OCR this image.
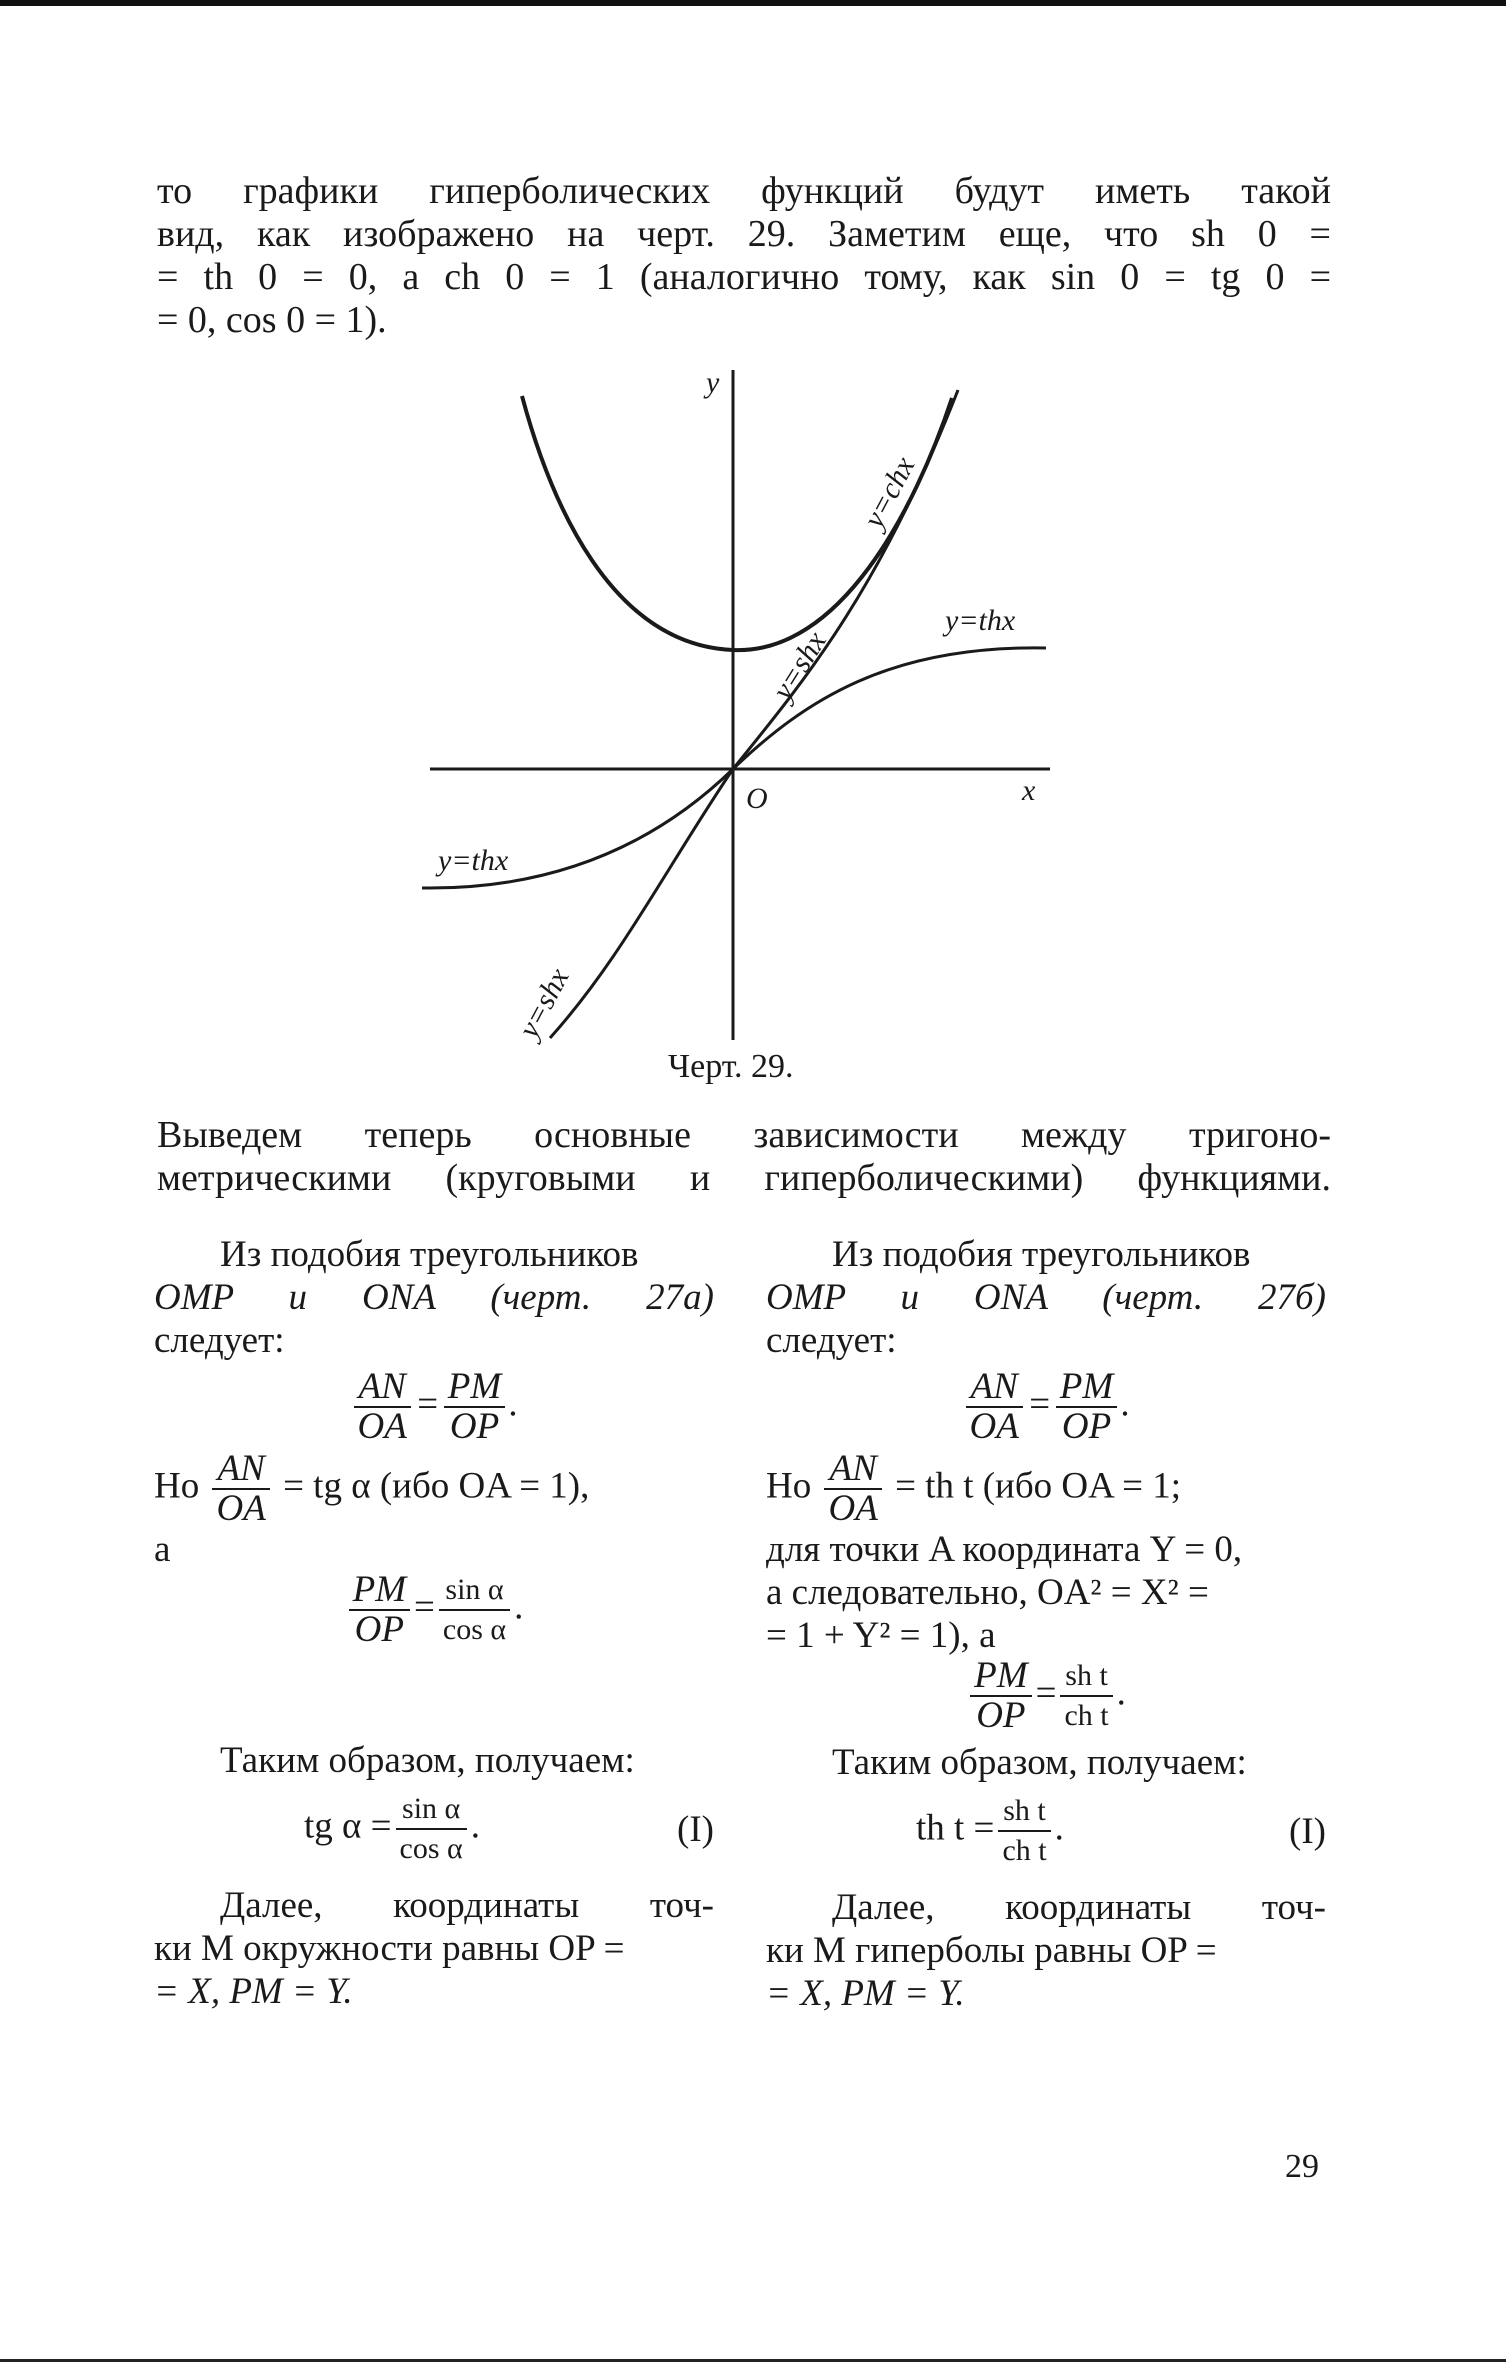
то графики гиперболических функций будут иметь такой
вид, как изображено на черт. 29. Заметим еще, что sh 0 =
= th 0 = 0, а ch 0 = 1 (аналогично тому, как sin 0 = tg 0 =
= 0, cos 0 = 1).
y
x
O
y=chx
y=shx
y=thx
y=thx
y=shx
Черт. 29.
Выведем теперь основные зависимости между тригоно-
метрическими (круговыми и гиперболическими) функциями.
Из подобия треугольников
OMP и ONA (черт. 27а)
следует:
$\frac{AN}{OA} = \frac{PM}{OP}$ .
Но $\frac{AN}{OA}$ = tg α (ибо OA = 1),
а
$\frac{PM}{OP} = \frac{\text{sin α}}{\text{cos α}}$ .
Таким образом, получаем:
tg $\alpha = \frac{\text{sin α}}{\text{cos α}}$ .	(I)
Далее, координаты точ-
ки M окружности равны OP =
= X, PM = Y.
Из подобия треугольников
OMP и ONA (черт. 27б)
следует:
$\frac{AN}{OA} = \frac{PM}{OP}$ .
Но $\frac{AN}{OA}$ = th t (ибо OA = 1;
для точки A координата Y = 0,
а следовательно, OA² = X² =
= 1 + Y² = 1), а
$\frac{PM}{OP} = \frac{\text{sh t}}{\text{ch t}}$ .
Таким образом, получаем:
th $t = \frac{\text{sh t}}{\text{ch t}}$ .	(I)
Далее, координаты точ-
ки M гиперболы равны OP =
= X, PM = Y.
29
